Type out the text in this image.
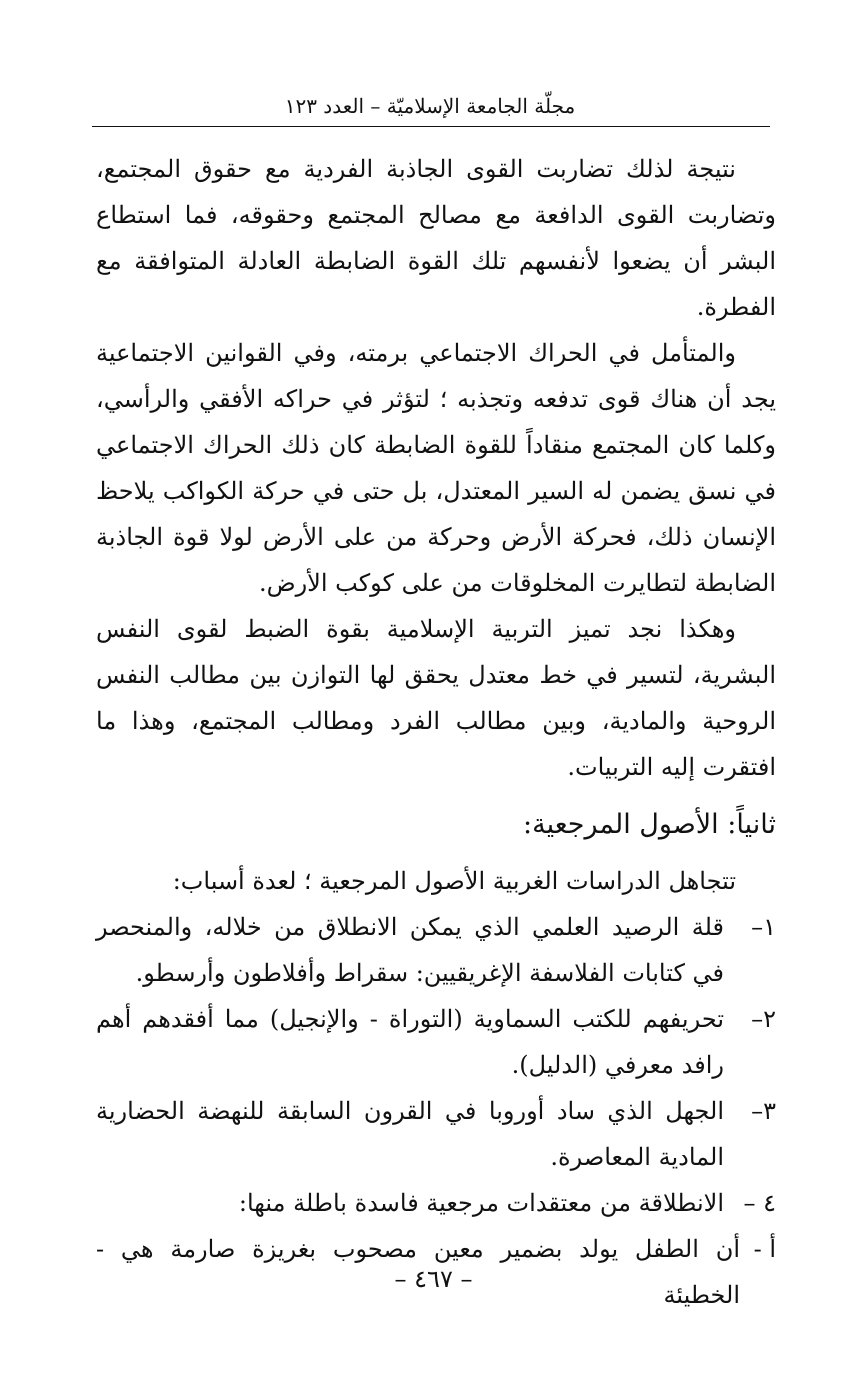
مجلّة الجامعة الإسلاميّة – العدد ١٢٣

نتيجة لذلك تضاربت القوى الجاذبة الفردية مع حقوق المجتمع، وتضاربت القوى الدافعة مع مصالح المجتمع وحقوقه، فما استطاع البشر أن يضعوا لأنفسهم تلك القوة الضابطة العادلة المتوافقة مع الفطرة.

والمتأمل في الحراك الاجتماعي برمته، وفي القوانين الاجتماعية يجد أن هناك قوى تدفعه وتجذبه ؛ لتؤثر في حراكه الأفقي والرأسي، وكلما كان المجتمع منقاداً للقوة الضابطة كان ذلك الحراك الاجتماعي في نسق يضمن له السير المعتدل، بل حتى في حركة الكواكب يلاحظ الإنسان ذلك، فحركة الأرض وحركة من على الأرض لولا قوة الجاذبة الضابطة لتطايرت المخلوقات من على كوكب الأرض.

وهكذا نجد تميز التربية الإسلامية بقوة الضبط لقوى النفس البشرية، لتسير في خط معتدل يحقق لها التوازن بين مطالب النفس الروحية والمادية، وبين مطالب الفرد ومطالب المجتمع، وهذا ما افتقرت إليه التربيات.

ثانياً: الأصول المرجعية:

تتجاهل الدراسات الغربية الأصول المرجعية ؛ لعدة أسباب:

١–
قلة الرصيد العلمي الذي يمكن الانطلاق من خلاله، والمنحصر في كتابات الفلاسفة الإغريقيين: سقراط وأفلاطون وأرسطو.
٢–
تحريفهم للكتب السماوية (التوراة - والإنجيل) مما أفقدهم أهم رافد معرفي (الدليل).
٣–
الجهل الذي ساد أوروبا في القرون السابقة للنهضة الحضارية المادية المعاصرة.
٤ –
الانطلاقة من معتقدات مرجعية فاسدة باطلة منها:
أ -
أن الطفل يولد بضمير معين مصحوب بغريزة صارمة هي - الخطيئة
– ٤٦٧ –
